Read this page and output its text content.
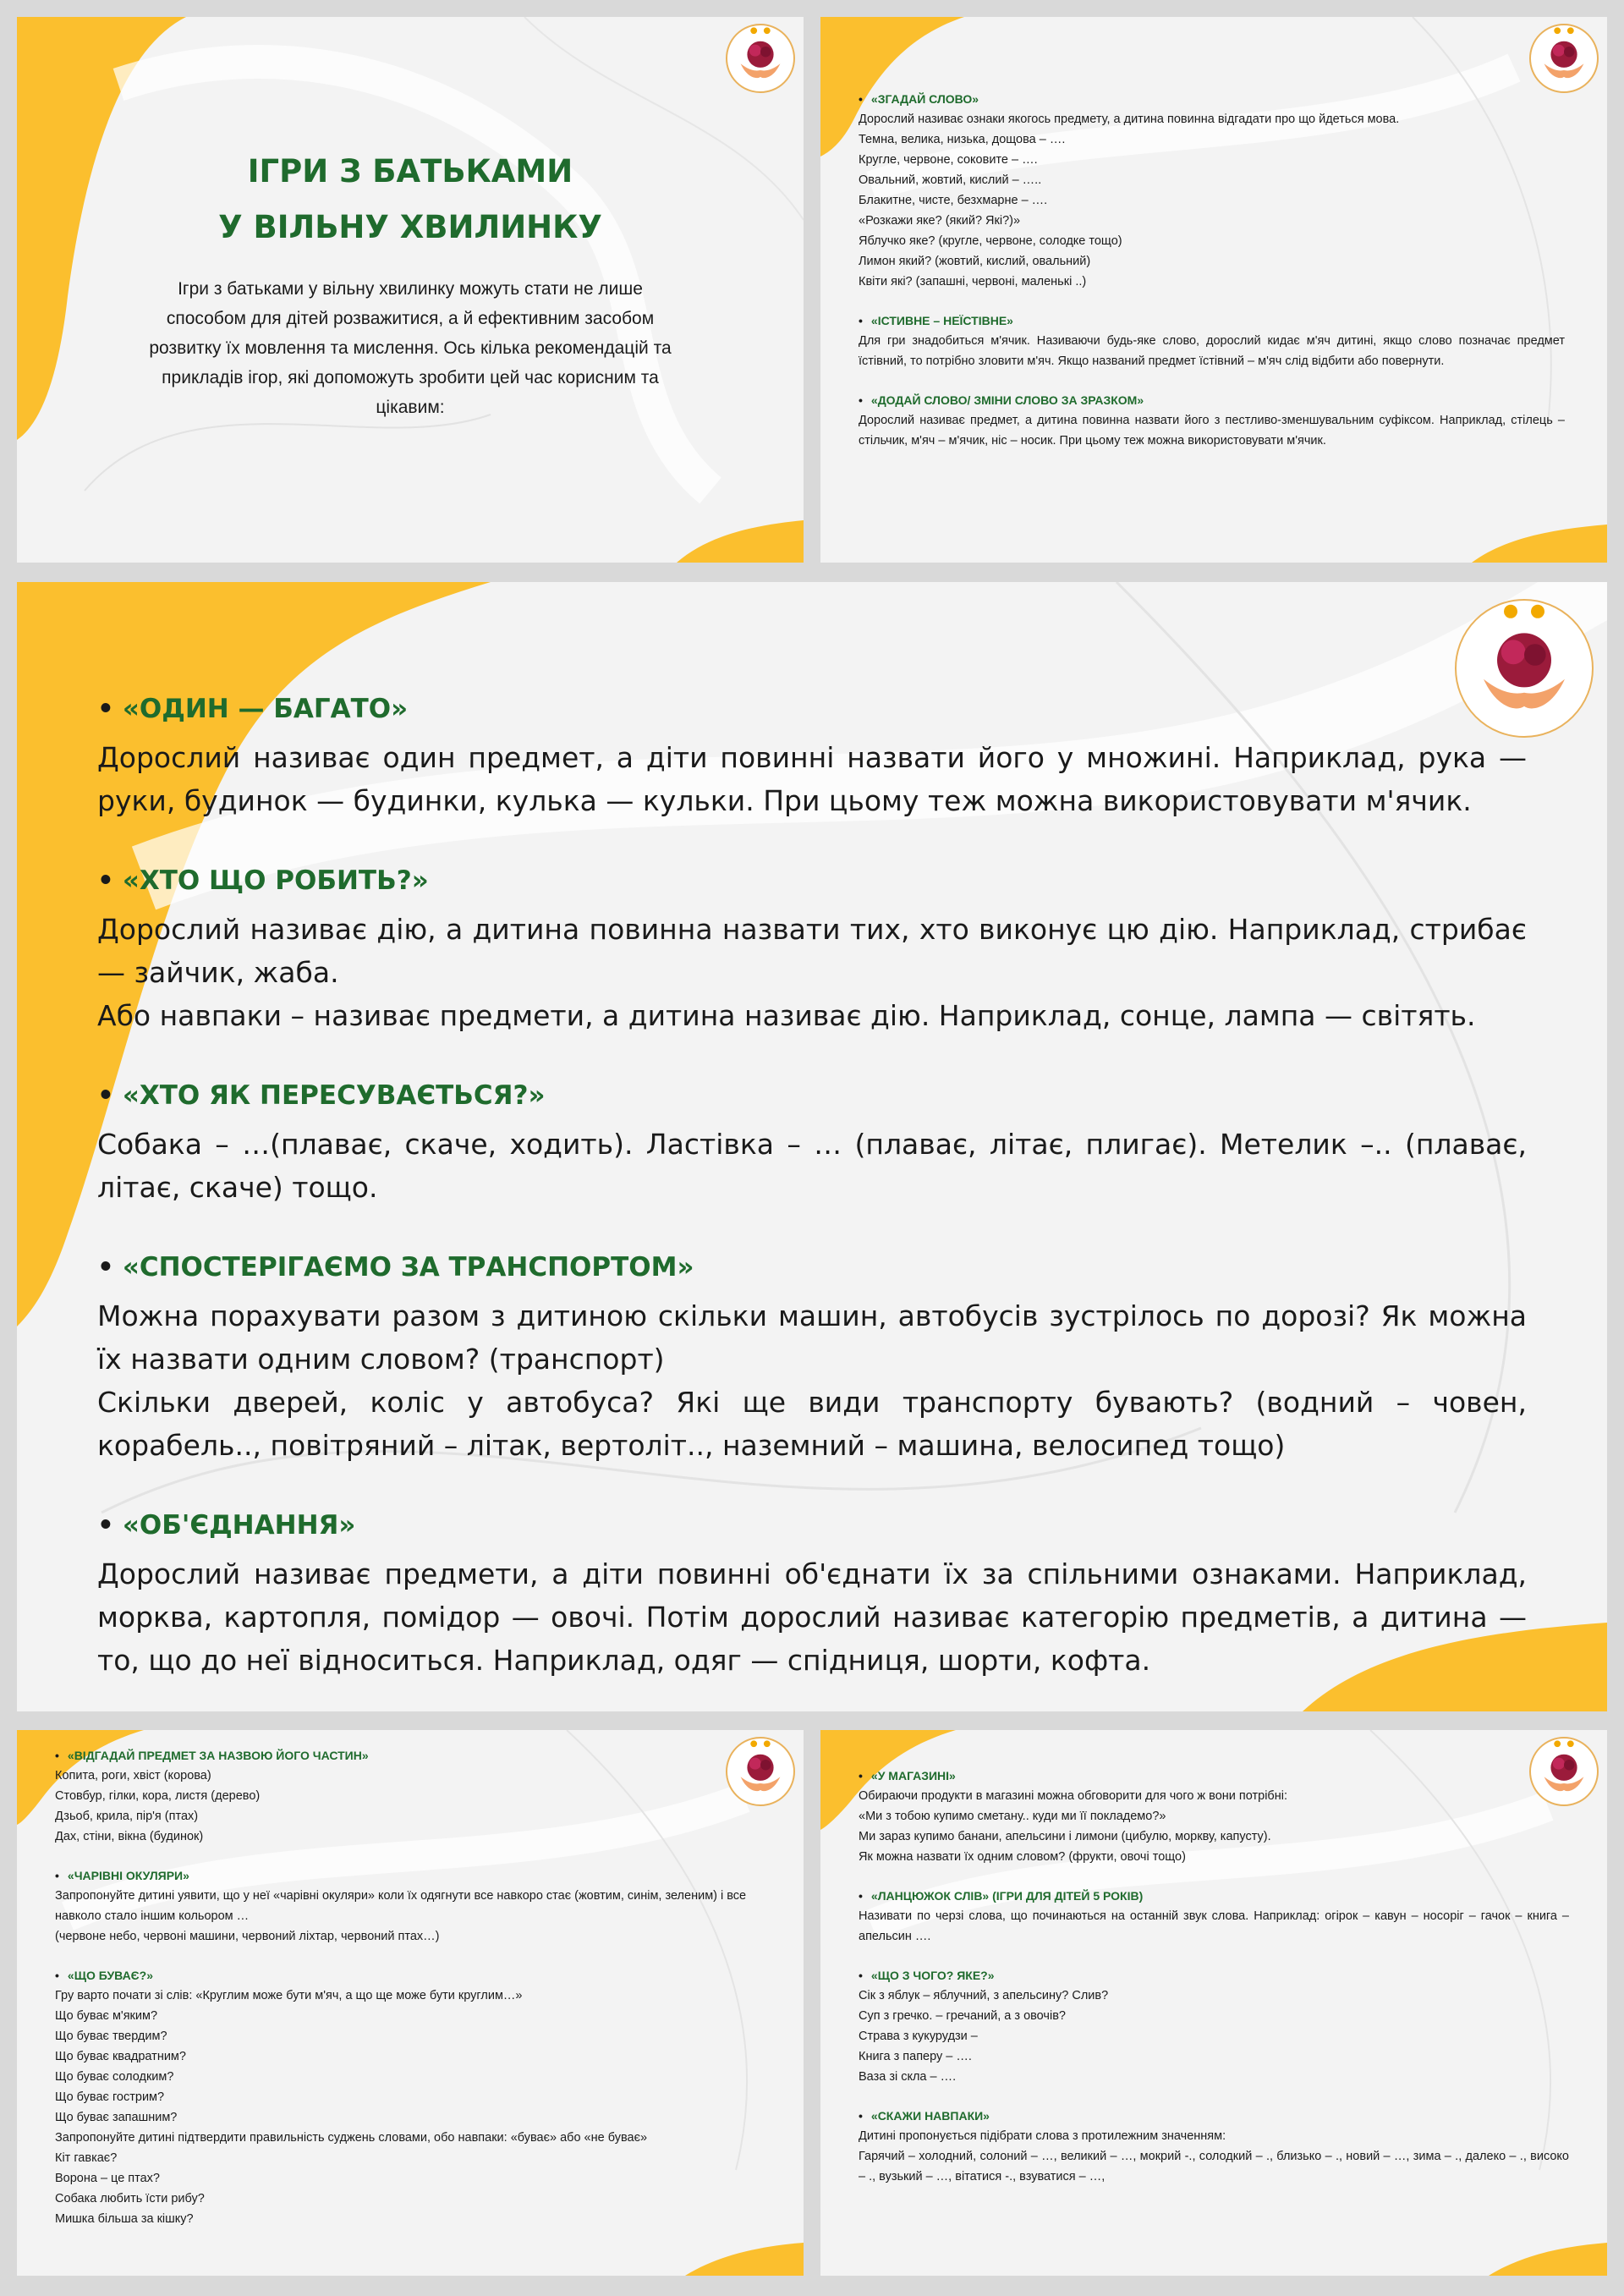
ІГРИ З БАТЬКАМИ
У ВІЛЬНУ ХВИЛИНКУ
Ігри з батьками у вільну хвилинку можуть стати не лише способом для дітей розважитися, а й ефективним засобом розвитку їх мовлення та мислення. Ось кілька рекомендацій та прикладів ігор, які допоможуть зробити цей час корисним та цікавим:
• «ЗГАДАЙ СЛОВО»
Дорослий називає ознаки якогось предмету, а дитина повинна відгадати про що йдеться мова.
Темна, велика, низька, дощова – ….
Кругле, червоне, соковите – ….
Овальний, жовтий, кислий – …..
Блакитне, чисте, безхмарне – ….
«Розкажи яке? (який? Які?)»
Яблучко яке? (кругле, червоне, солодке тощо)
Лимон який? (жовтий, кислий, овальний)
Квіти які? (запашні, червоні, маленькі ..)
• «ІСТИВНЕ – НЕЇСТІВНЕ»
Для гри знадобиться м'ячик. Називаючи будь-яке слово, дорослий кидає м'яч дитині, якщо слово позначає предмет їстівний, то потрібно зловити м'яч. Якщо названий предмет їстівний – м'яч слід відбити або повернути.
• «ДОДАЙ СЛОВО/ ЗМІНИ СЛОВО ЗА ЗРАЗКОМ»
Дорослий називає предмет, а дитина повинна назвати його з пестливо-зменшувальним суфіксом. Наприклад, стілець – стільчик, м'яч – м'ячик, ніс – носик. При цьому теж можна використовувати м'ячик.
• «ОДИН — БАГАТО»
Дорослий називає один предмет, а діти повинні назвати його у множині. Наприклад, рука — руки, будинок — будинки, кулька — кульки. При цьому теж можна використовувати м'ячик.
• «ХТО ЩО РОБИТЬ?»
Дорослий називає дію, а дитина повинна назвати тих, хто виконує цю дію. Наприклад, стрибає — зайчик, жаба.
Або навпаки – називає предмети, а дитина називає дію. Наприклад, сонце, лампа — світять.
• «ХТО ЯК ПЕРЕСУВАЄТЬСЯ?»
Собака – …(плаває, скаче, ходить). Ластівка – … (плаває, літає, плигає). Метелик –.. (плаває, літає, скаче) тощо.
• «СПОСТЕРІГАЄМО ЗА ТРАНСПОРТОМ»
Можна порахувати разом з дитиною скільки машин, автобусів зустрілось по дорозі? Як можна їх назвати одним словом? (транспорт)
Скільки дверей, коліс у автобуса? Які ще види транспорту бувають? (водний – човен, корабель.., повітряний – літак, вертоліт.., наземний – машина, велосипед тощо)
• «ОБ'ЄДНАННЯ»
Дорослий називає предмети, а діти повинні об'єднати їх за спільними ознаками. Наприклад, морква, картопля, помідор — овочі. Потім дорослий називає категорію предметів, а дитина — то, що до неї відноситься. Наприклад, одяг — спідниця, шорти, кофта.
• «ВІДГАДАЙ ПРЕДМЕТ ЗА НАЗВОЮ ЙОГО ЧАСТИН»
Копита, роги, хвіст (корова)
Стовбур, гілки, кора, листя (дерево)
Дзьоб, крила, пір'я (птах)
Дах, стіни, вікна (будинок)
• «ЧАРІВНІ ОКУЛЯРИ»
Запропонуйте дитині уявити, що у неї «чарівні окуляри» коли їх одягнути все навкоро стає (жовтим, синім, зеленим) і все навколо стало іншим кольором …
(червоне небо, червоні машини, червоний ліхтар, червоний птах…)
• «ЩО БУВАЄ?»
Гру варто почати зі слів: «Круглим може бути м'яч, а що ще може бути круглим…»
Що буває м'яким?
Що буває твердим?
Що буває квадратним?
Що буває солодким?
Що буває гострим?
Що буває запашним?
Запропонуйте дитині підтвердити правильність суджень словами, обо навпаки: «буває» або «не буває»
Кіт гавкає?
Ворона – це птах?
Собака любить їсти рибу?
Мишка більша за кішку?
• «У МАГАЗИНІ»
Обираючи продукти в магазині можна обговорити для чого ж вони потрібні:
«Ми з тобою купимо сметану.. куди ми її покладемо?»
Ми зараз купимо банани, апельсини і лимони (цибулю, моркву, капусту).
Як можна назвати їх одним словом? (фрукти, овочі тощо)
• «ЛАНЦЮЖОК СЛІВ» (ІГРИ ДЛЯ ДІТЕЙ 5 РОКІВ)
Називати по черзі слова, що починаються на останній звук слова. Наприклад: огірок – кавун – носоріг – гачок – книга – апельсин ….
• «ЩО З ЧОГО? ЯКЕ?»
Сік з яблук – яблучний, з апельсину? Слив?
Суп з гречко. – гречаний, а з овочів?
Страва з кукурудзи –
Книга з паперу – ….
Ваза зі скла – ….
• «СКАЖИ НАВПАКИ»
Дитині пропонується підібрати слова з протилежним значенням:
Гарячий – холодний, солоний – …, великий – …, мокрий -., солодкий – ., близько – ., новий – …, зима – ., далеко – ., високо – ., вузький – …, вітатися -., взуватися – …,
